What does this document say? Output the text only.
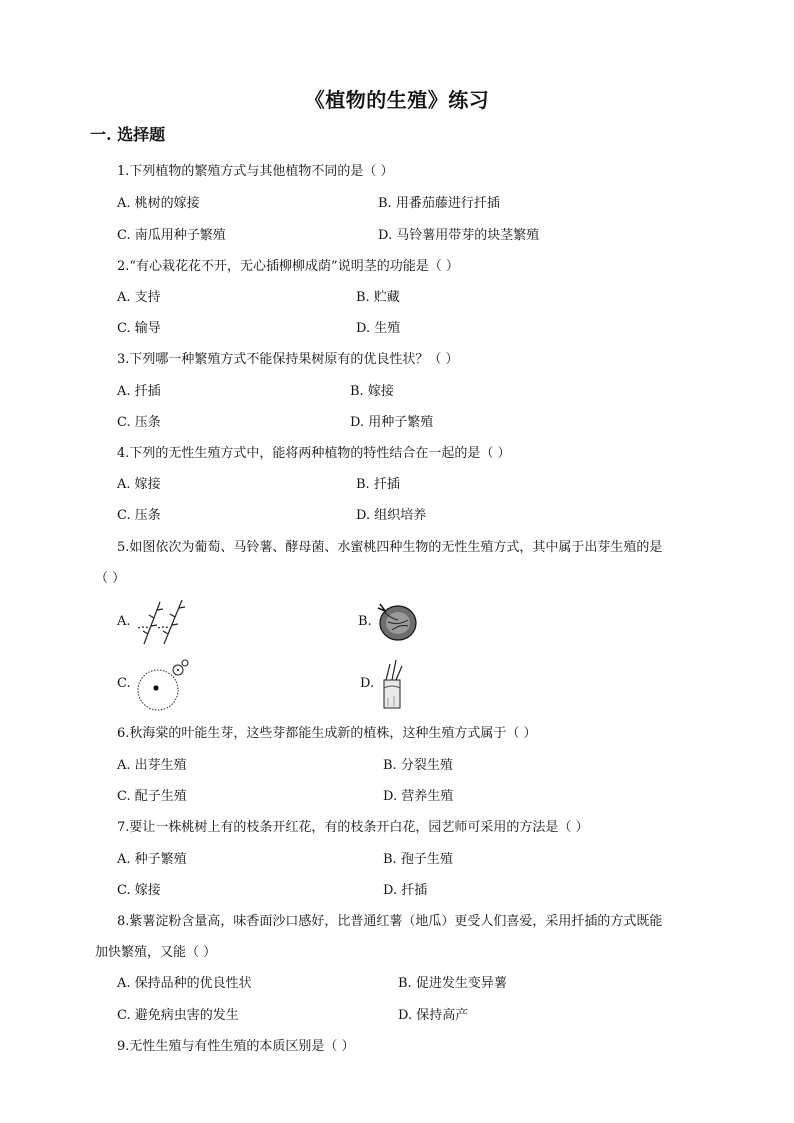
《植物的生殖》练习
一. 选择题
1.下列植物的繁殖方式与其他植物不同的是（ ）
A. 桃树的嫁接	B. 用番茄藤进行扦插
C. 南瓜用种子繁殖	D. 马铃薯用带芽的块茎繁殖
2.“有心栽花花不开，无心插柳柳成荫”说明茎的功能是（ ）
A. 支持	B. 贮藏
C. 输导	D. 生殖
3.下列哪一种繁殖方式不能保持果树原有的优良性状？（ ）
A. 扦插	B. 嫁接
C. 压条	D. 用种子繁殖
4.下列的无性生殖方式中，能将两种植物的特性结合在一起的是（ ）
A. 嫁接	B. 扦插
C. 压条	D. 组织培养
5.如图依次为葡萄、马铃薯、酵母菌、水蜜桃四种生物的无性生殖方式，其中属于出芽生殖的是
（ ）
A.	B.
C.	D.
6.秋海棠的叶能生芽，这些芽都能生成新的植株，这种生殖方式属于（ ）
A. 出芽生殖	B. 分裂生殖
C. 配子生殖	D. 营养生殖
7.要让一株桃树上有的枝条开红花，有的枝条开白花，园艺师可采用的方法是（ ）
A. 种子繁殖	B. 孢子生殖
C. 嫁接	D. 扦插
8.紫薯淀粉含量高，味香面沙口感好，比普通红薯（地瓜）更受人们喜爱，采用扦插的方式既能
加快繁殖，又能（ ）
A. 保持品种的优良性状	B. 促进发生变异薯
C. 避免病虫害的发生	D. 保持高产
9.无性生殖与有性生殖的本质区别是（ ）
